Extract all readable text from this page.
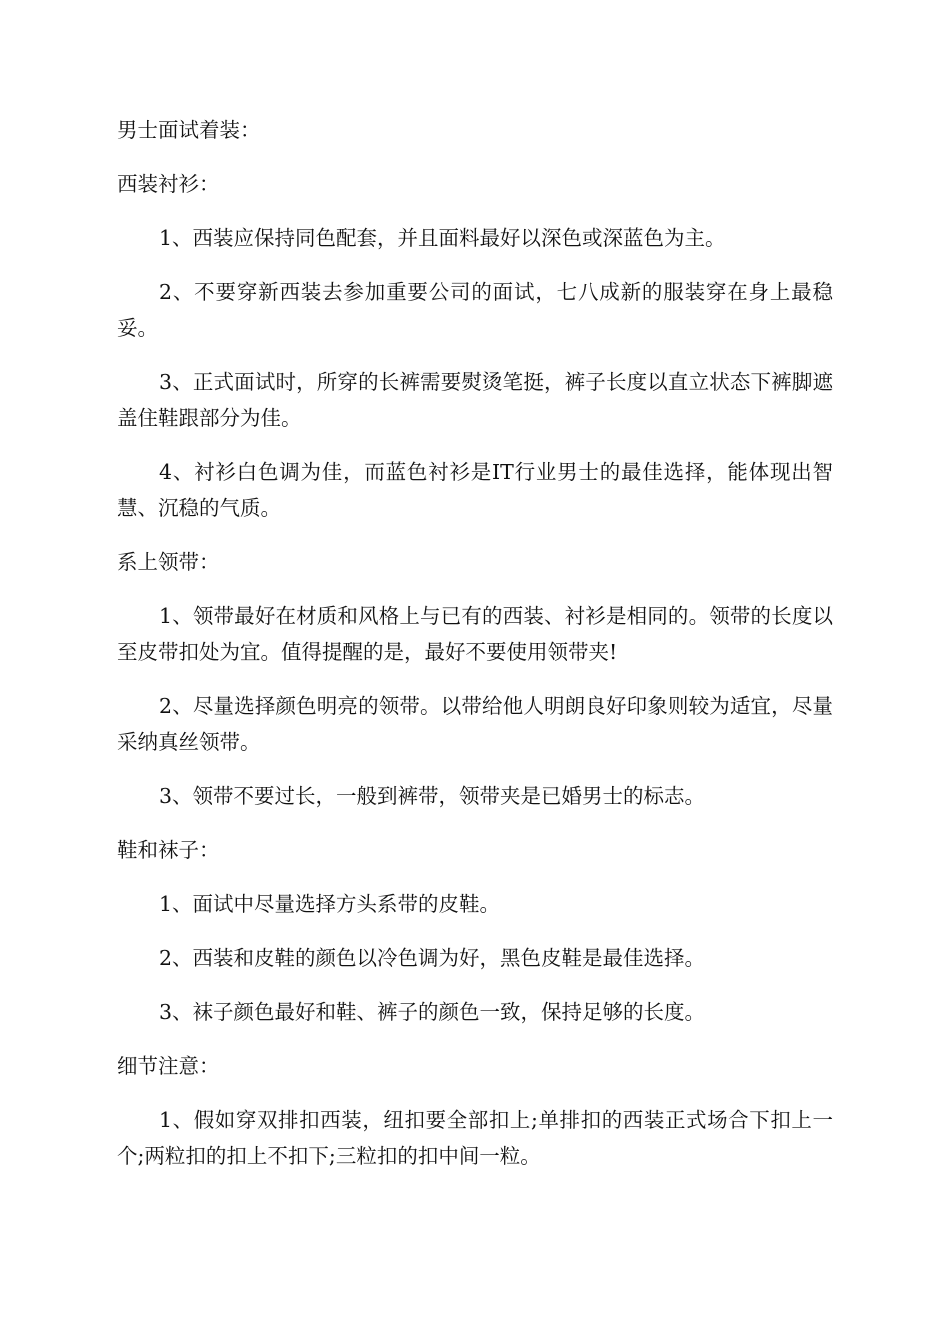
男士面试着装：

西装衬衫：

1、西装应保持同色配套，并且面料最好以深色或深蓝色为主。

2、不要穿新西装去参加重要公司的面试，七八成新的服装穿在身上最稳妥。

3、正式面试时，所穿的长裤需要熨烫笔挺，裤子长度以直立状态下裤脚遮盖住鞋跟部分为佳。

4、衬衫白色调为佳，而蓝色衬衫是IT行业男士的最佳选择，能体现出智慧、沉稳的气质。

系上领带：

1、领带最好在材质和风格上与已有的西装、衬衫是相同的。领带的长度以至皮带扣处为宜。值得提醒的是，最好不要使用领带夹!

2、尽量选择颜色明亮的领带。以带给他人明朗良好印象则较为适宜，尽量采纳真丝领带。

3、领带不要过长，一般到裤带，领带夹是已婚男士的标志。

鞋和袜子：

1、面试中尽量选择方头系带的皮鞋。

2、西装和皮鞋的颜色以冷色调为好，黑色皮鞋是最佳选择。

3、袜子颜色最好和鞋、裤子的颜色一致，保持足够的长度。

细节注意：

1、假如穿双排扣西装，纽扣要全部扣上;单排扣的西装正式场合下扣上一个;两粒扣的扣上不扣下;三粒扣的扣中间一粒。
